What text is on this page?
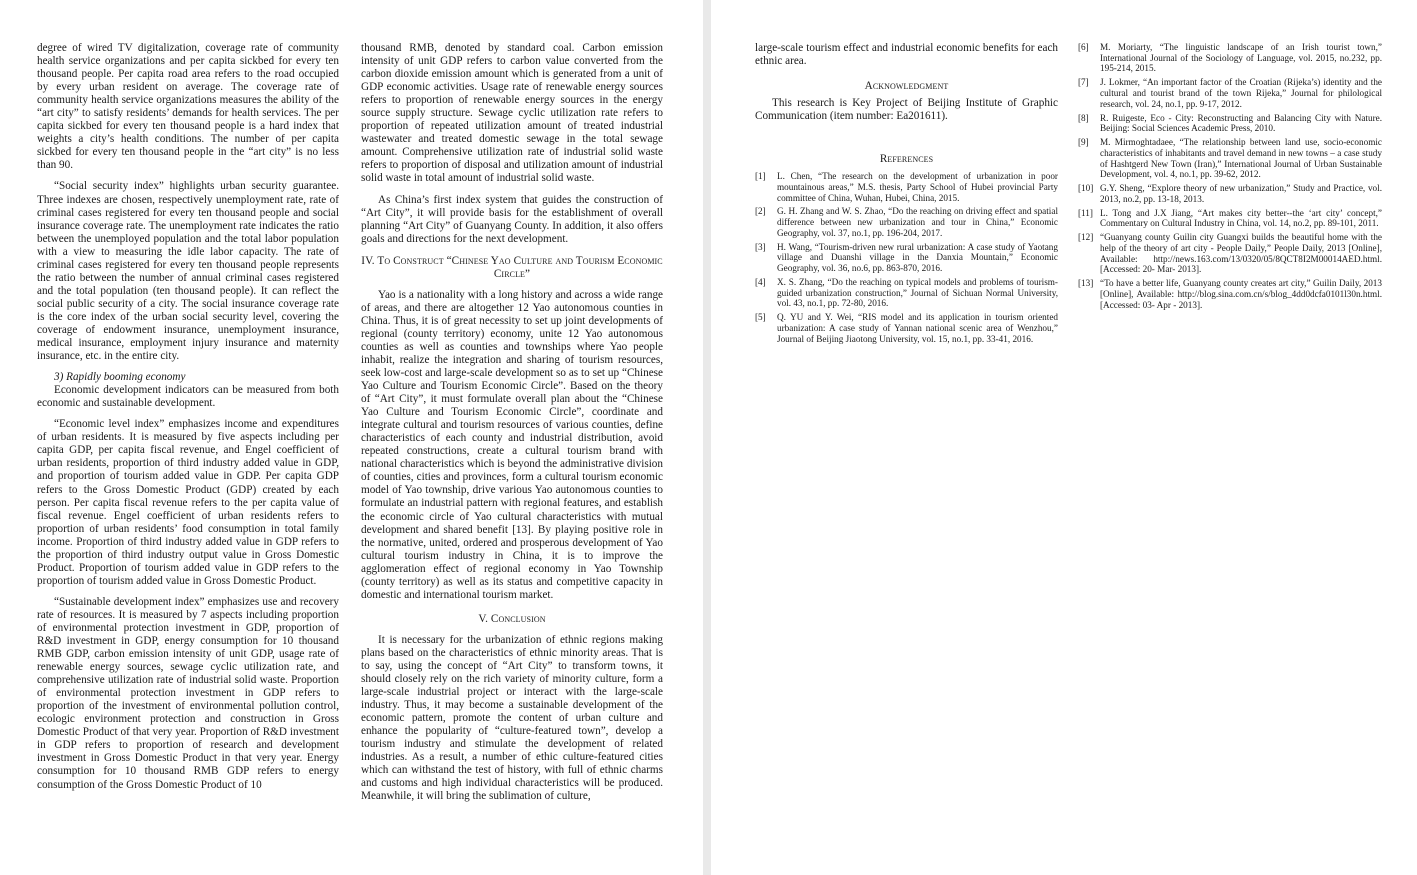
degree of wired TV digitalization, coverage rate of community health service organizations and per capita sickbed for every ten thousand people. Per capita road area refers to the road occupied by every urban resident on average. The coverage rate of community health service organizations measures the ability of the “art city” to satisfy residents’ demands for health services. The per capita sickbed for every ten thousand people is a hard index that weights a city’s health conditions. The number of per capita sickbed for every ten thousand people in the “art city” is no less than 90.

“Social security index” highlights urban security guarantee. Three indexes are chosen, respectively unemployment rate, rate of criminal cases registered for every ten thousand people and social insurance coverage rate. The unemployment rate indicates the ratio between the unemployed population and the total labor population with a view to measuring the idle labor capacity. The rate of criminal cases registered for every ten thousand people represents the ratio between the number of annual criminal cases registered and the total population (ten thousand people). It can reflect the social public security of a city. The social insurance coverage rate is the core index of the urban social security level, covering the coverage of endowment insurance, unemployment insurance, medical insurance, employment injury insurance and maternity insurance, etc. in the entire city.

3) Rapidly booming economy

Economic development indicators can be measured from both economic and sustainable development.

“Economic level index” emphasizes income and expenditures of urban residents. It is measured by five aspects including per capita GDP, per capita fiscal revenue, and Engel coefficient of urban residents, proportion of third industry added value in GDP, and proportion of tourism added value in GDP. Per capita GDP refers to the Gross Domestic Product (GDP) created by each person. Per capita fiscal revenue refers to the per capita value of fiscal revenue. Engel coefficient of urban residents refers to proportion of urban residents’ food consumption in total family income. Proportion of third industry added value in GDP refers to the proportion of third industry output value in Gross Domestic Product. Proportion of tourism added value in GDP refers to the proportion of tourism added value in Gross Domestic Product.

“Sustainable development index” emphasizes use and recovery rate of resources. It is measured by 7 aspects including proportion of environmental protection investment in GDP, proportion of R&D investment in GDP, energy consumption for 10 thousand RMB GDP, carbon emission intensity of unit GDP, usage rate of renewable energy sources, sewage cyclic utilization rate, and comprehensive utilization rate of industrial solid waste. Proportion of environmental protection investment in GDP refers to proportion of the investment of environmental pollution control, ecologic environment protection and construction in Gross Domestic Product of that very year. Proportion of R&D investment in GDP refers to proportion of research and development investment in Gross Domestic Product in that very year. Energy consumption for 10 thousand RMB GDP refers to energy consumption of the Gross Domestic Product of 10

thousand RMB, denoted by standard coal. Carbon emission intensity of unit GDP refers to carbon value converted from the carbon dioxide emission amount which is generated from a unit of GDP economic activities. Usage rate of renewable energy sources refers to proportion of renewable energy sources in the energy source supply structure. Sewage cyclic utilization rate refers to proportion of repeated utilization amount of treated industrial wastewater and treated domestic sewage in the total sewage amount. Comprehensive utilization rate of industrial solid waste refers to proportion of disposal and utilization amount of industrial solid waste in total amount of industrial solid waste.

As China’s first index system that guides the construction of “Art City”, it will provide basis for the establishment of overall planning “Art City” of Guanyang County. In addition, it also offers goals and directions for the next development.

IV. To Construct “Chinese Yao Culture and Tourism Economic Circle”

Yao is a nationality with a long history and across a wide range of areas, and there are altogether 12 Yao autonomous counties in China. Thus, it is of great necessity to set up joint developments of regional (county territory) economy, unite 12 Yao autonomous counties as well as counties and townships where Yao people inhabit, realize the integration and sharing of tourism resources, seek low-cost and large-scale development so as to set up “Chinese Yao Culture and Tourism Economic Circle”. Based on the theory of “Art City”, it must formulate overall plan about the “Chinese Yao Culture and Tourism Economic Circle”, coordinate and integrate cultural and tourism resources of various counties, define characteristics of each county and industrial distribution, avoid repeated constructions, create a cultural tourism brand with national characteristics which is beyond the administrative division of counties, cities and provinces, form a cultural tourism economic model of Yao township, drive various Yao autonomous counties to formulate an industrial pattern with regional features, and establish the economic circle of Yao cultural characteristics with mutual development and shared benefit [13]. By playing positive role in the normative, united, ordered and prosperous development of Yao cultural tourism industry in China, it is to improve the agglomeration effect of regional economy in Yao Township (county territory) as well as its status and competitive capacity in domestic and international tourism market.

V. Conclusion

It is necessary for the urbanization of ethnic regions making plans based on the characteristics of ethnic minority areas. That is to say, using the concept of “Art City” to transform towns, it should closely rely on the rich variety of minority culture, form a large-scale industrial project or interact with the large-scale industry. Thus, it may become a sustainable development of the economic pattern, promote the content of urban culture and enhance the popularity of “culture-featured town”, develop a tourism industry and stimulate the development of related industries. As a result, a number of ethic culture-featured cities which can withstand the test of history, with full of ethnic charms and customs and high individual characteristics will be produced. Meanwhile, it will bring the sublimation of culture,

large-scale tourism effect and industrial economic benefits for each ethnic area.

Acknowledgment

This research is Key Project of Beijing Institute of Graphic Communication (item number: Ea201611).

References
[1] L. Chen, “The research on the development of urbanization in poor mountainous areas,” M.S. thesis, Party School of Hubei provincial Party committee of China, Wuhan, Hubei, China, 2015.
[2] G. H. Zhang and W. S. Zhao, “Do the reaching on driving effect and spatial difference between new urbanization and tour in China,” Economic Geography, vol. 37, no.1, pp. 196-204, 2017.
[3] H. Wang, “Tourism-driven new rural urbanization: A case study of Yaotang village and Duanshi village in the Danxia Mountain,” Economic Geography, vol. 36, no.6, pp. 863-870, 2016.
[4] X. S. Zhang, “Do the reaching on typical models and problems of tourism-guided urbanization construction,” Journal of Sichuan Normal University, vol. 43, no.1, pp. 72-80, 2016.
[5] Q. YU and Y. Wei, “RIS model and its application in tourism oriented urbanization: A case study of Yannan national scenic area of Wenzhou,” Journal of Beijing Jiaotong University, vol. 15, no.1, pp. 33-41, 2016.
[6] M. Moriarty, “The linguistic landscape of an Irish tourist town,” International Journal of the Sociology of Language, vol. 2015, no.232, pp. 195-214, 2015.
[7] J. Lokmer, “An important factor of the Croatian (Rijeka’s) identity and the cultural and tourist brand of the town Rijeka,” Journal for philological research, vol. 24, no.1, pp. 9-17, 2012.
[8] R. Ruigeste, Eco - City: Reconstructing and Balancing City with Nature. Beijing: Social Sciences Academic Press, 2010.
[9] M. Mirmoghtadaee, “The relationship between land use, socio-economic characteristics of inhabitants and travel demand in new towns – a case study of Hashtgerd New Town (Iran),” International Journal of Urban Sustainable Development, vol. 4, no.1, pp. 39-62, 2012.
[10] G.Y. Sheng, “Explore theory of new urbanization,” Study and Practice, vol. 2013, no.2, pp. 13-18, 2013.
[11] L. Tong and J.X Jiang, “Art makes city better--the ‘art city’ concept,” Commentary on Cultural Industry in China, vol. 14, no.2, pp. 89-101, 2011.
[12] “Guanyang county Guilin city Guangxi builds the beautiful home with the help of the theory of art city - People Daily,” People Daily, 2013 [Online], Available: http://news.163.com/13/0320/05/8QCT8I2M00014AED.html. [Accessed: 20- Mar- 2013].
[13] “To have a better life, Guanyang county creates art city,” Guilin Daily, 2013 [Online], Available: http://blog.sina.com.cn/s/blog_4dd0dcfa0101l30n.html. [Accessed: 03- Apr - 2013].
